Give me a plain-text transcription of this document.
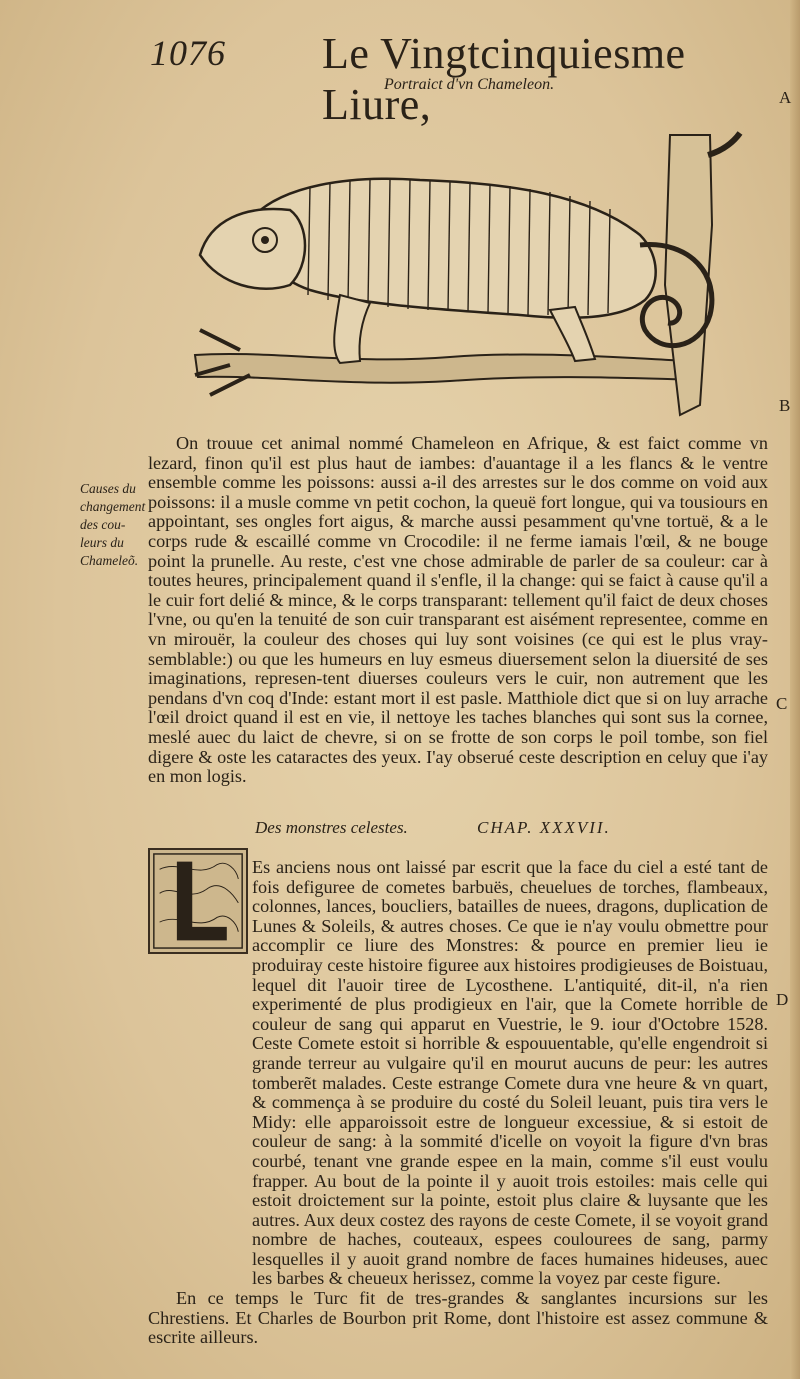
1076 Le Vingtcinquiesme Liure,
Portraict d'vn Chameleon.
A
B
C
D
Causes du
changement
des cou-
leurs du
Chameleõ.

On trouue cet animal nommé Chameleon en Afrique, & est faict comme vn lezard, finon qu'il est plus haut de iambes: d'auantage il a les flancs & le ventre ensemble comme les poissons: aussi a-il des arrestes sur le dos comme on void aux poissons: il a musle comme vn petit cochon, la queuë fort longue, qui va tousiours en appointant, ses ongles fort aigus, & marche aussi pesamment qu'vne tortuë, & a le corps rude & escaillé comme vn Crocodile: il ne ferme iamais l'œil, & ne bouge point la prunelle. Au reste, c'est vne chose admirable de parler de sa couleur: car à toutes heures, principalement quand il s'enfle, il la change: qui se faict à cause qu'il a le cuir fort delié & mince, & le corps transparant: tellement qu'il faict de deux choses l'vne, ou qu'en la tenuité de son cuir transparant est aisément representee, comme en vn mirouër, la couleur des choses qui luy sont voisines (ce qui est le plus vray-semblable:) ou que les humeurs en luy esmeus diuersement selon la diuersité de ses imaginations, represen-tent diuerses couleurs vers le cuir, non autrement que les pendans d'vn coq d'Inde: estant mort il est pasle. Matthiole dict que si on luy arrache l'œil droict quand il est en vie, il nettoye les taches blanches qui sont sus la cornee, meslé auec du laict de chevre, si on se frotte de son corps le poil tombe, son fiel digere & oste les cataractes des yeux. I'ay obserué ceste description en celuy que i'ay en mon logis.

Des monstres celestes.	CHAP. XXXVII.

Es anciens nous ont laissé par escrit que la face du ciel a esté tant de fois defiguree de cometes barbuës, cheuelues de torches, flambeaux, colonnes, lances, boucliers, batailles de nuees, dragons, duplication de Lunes & Soleils, & autres choses. Ce que ie n'ay voulu obmettre pour accomplir ce liure des Monstres: & pource en premier lieu ie produiray ceste histoire figuree aux histoires prodigieuses de Boistuau, lequel dit l'auoir tiree de Lycosthene. L'antiquité, dit-il, n'a rien experimenté de plus prodigieux en l'air, que la Comete horrible de couleur de sang qui apparut en Vuestrie, le 9. iour d'Octobre 1528. Ceste Comete estoit si horrible & espouuentable, qu'elle engendroit si grande terreur au vulgaire qu'il en mourut aucuns de peur: les autres tomberẽt malades. Ceste estrange Comete dura vne heure & vn quart, & commença à se produire du costé du Soleil leuant, puis tira vers le Midy: elle apparoissoit estre de longueur excessiue, & si estoit de couleur de sang: à la sommité d'icelle on voyoit la figure d'vn bras courbé, tenant vne grande espee en la main, comme s'il eust voulu frapper. Au bout de la pointe il y auoit trois estoiles: mais celle qui estoit droictement sur la pointe, estoit plus claire & luysante que les autres. Aux deux costez des rayons de ceste Comete, il se voyoit grand nombre de haches, couteaux, espees coulourees de sang, parmy lesquelles il y auoit grand nombre de faces humaines hideuses, auec les barbes & cheueux herissez, comme la voyez par ceste figure.

En ce temps le Turc fit de tres-grandes & sanglantes incursions sur les Chrestiens. Et Charles de Bourbon prit Rome, dont l'histoire est assez commune & escrite ailleurs.
